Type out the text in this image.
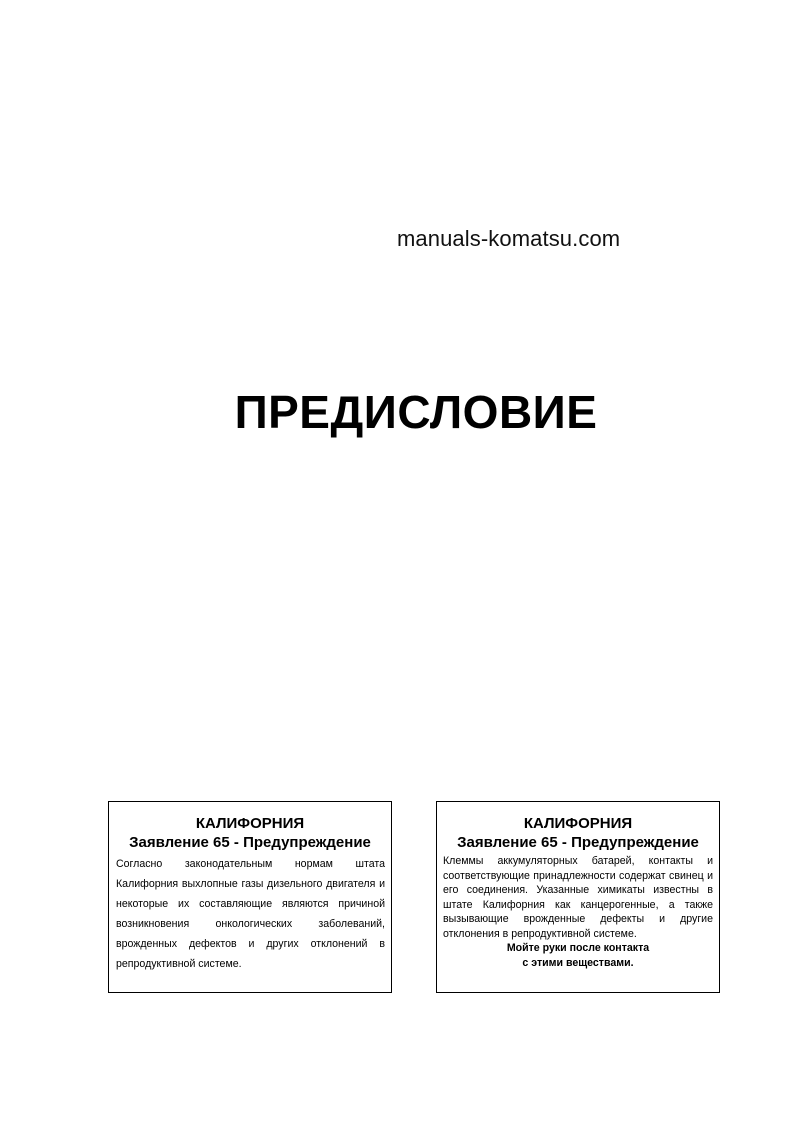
manuals-komatsu.com
ПРЕДИСЛОВИЕ
КАЛИФОРНИЯ
Заявление 65 - Предупреждение
Согласно законодательным нормам штата Калифорния выхлопные газы дизельного двигателя и некоторые их составляющие являются причиной возникновения онкологических заболеваний, врожденных дефектов и других отклонений в репродуктивной системе.
КАЛИФОРНИЯ
Заявление 65 - Предупреждение
Клеммы аккумуляторных батарей, контакты и соответствующие принадлежности содержат свинец и его соединения. Указанные химикаты известны в штате Калифорния как канцерогенные, а также вызывающие врожденные дефекты и другие отклонения в репродуктивной системе.
Мойте руки после контакта
с этими веществами.
